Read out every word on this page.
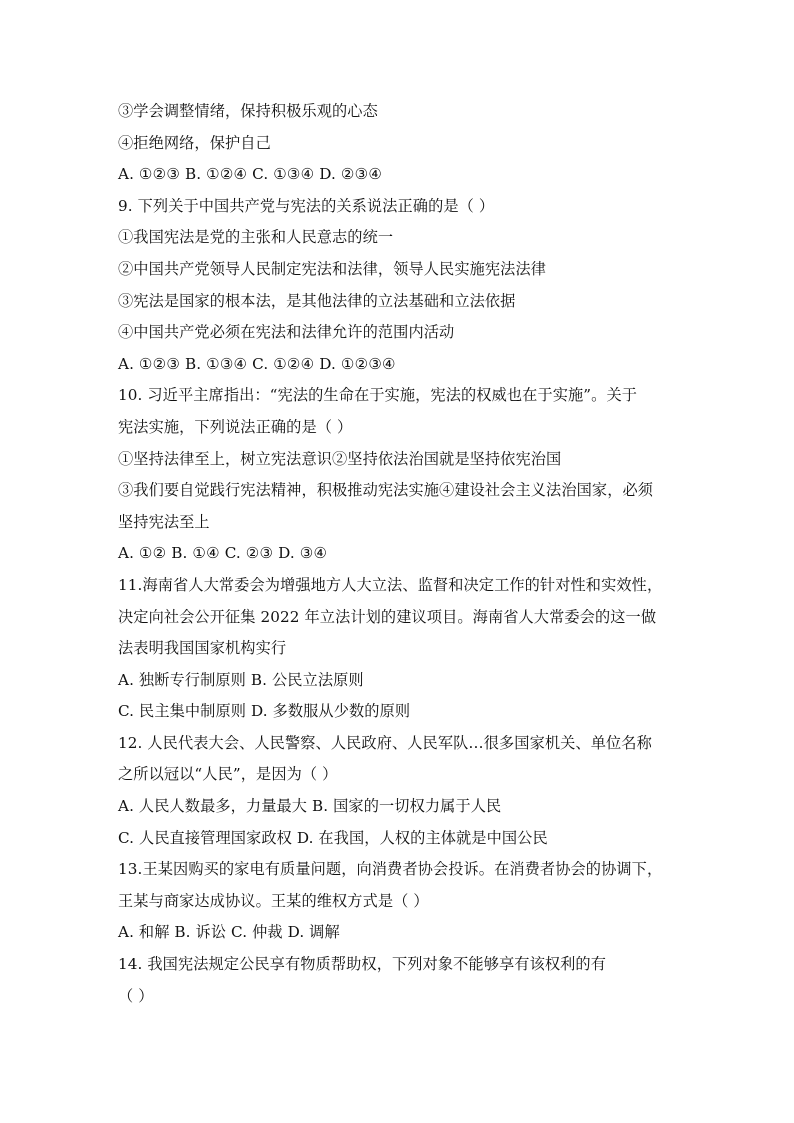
③学会调整情绪，保持积极乐观的心态
④拒绝网络，保护自己
A. ①②③ B. ①②④ C. ①③④ D. ②③④
9. 下列关于中国共产党与宪法的关系说法正确的是（ ）
①我国宪法是党的主张和人民意志的统一
②中国共产党领导人民制定宪法和法律，领导人民实施宪法法律
③宪法是国家的根本法，是其他法律的立法基础和立法依据
④中国共产党必须在宪法和法律允许的范围内活动
A. ①②③ B. ①③④ C. ①②④ D. ①②③④
10. 习近平主席指出：“宪法的生命在于实施，宪法的权威也在于实施”。关于
宪法实施，下列说法正确的是（ ）
①坚持法律至上，树立宪法意识②坚持依法治国就是坚持依宪治国
③我们要自觉践行宪法精神，积极推动宪法实施④建设社会主义法治国家，必须
坚持宪法至上
A. ①② B. ①④ C. ②③ D. ③④
11.海南省人大常委会为增强地方人大立法、监督和决定工作的针对性和实效性，
决定向社会公开征集 2022 年立法计划的建议项目。海南省人大常委会的这一做
法表明我国国家机构实行
A. 独断专行制原则 B. 公民立法原则
C. 民主集中制原则 D. 多数服从少数的原则
12. 人民代表大会、人民警察、人民政府、人民军队…很多国家机关、单位名称
之所以冠以“人民”，是因为（ ）
A. 人民人数最多，力量最大 B. 国家的一切权力属于人民
C. 人民直接管理国家政权 D. 在我国，人权的主体就是中国公民
13.王某因购买的家电有质量问题，向消费者协会投诉。在消费者协会的协调下，
王某与商家达成协议。王某的维权方式是（ ）
A. 和解 B. 诉讼 C. 仲裁 D. 调解
14. 我国宪法规定公民享有物质帮助权，下列对象不能够享有该权利的有
（ ）
